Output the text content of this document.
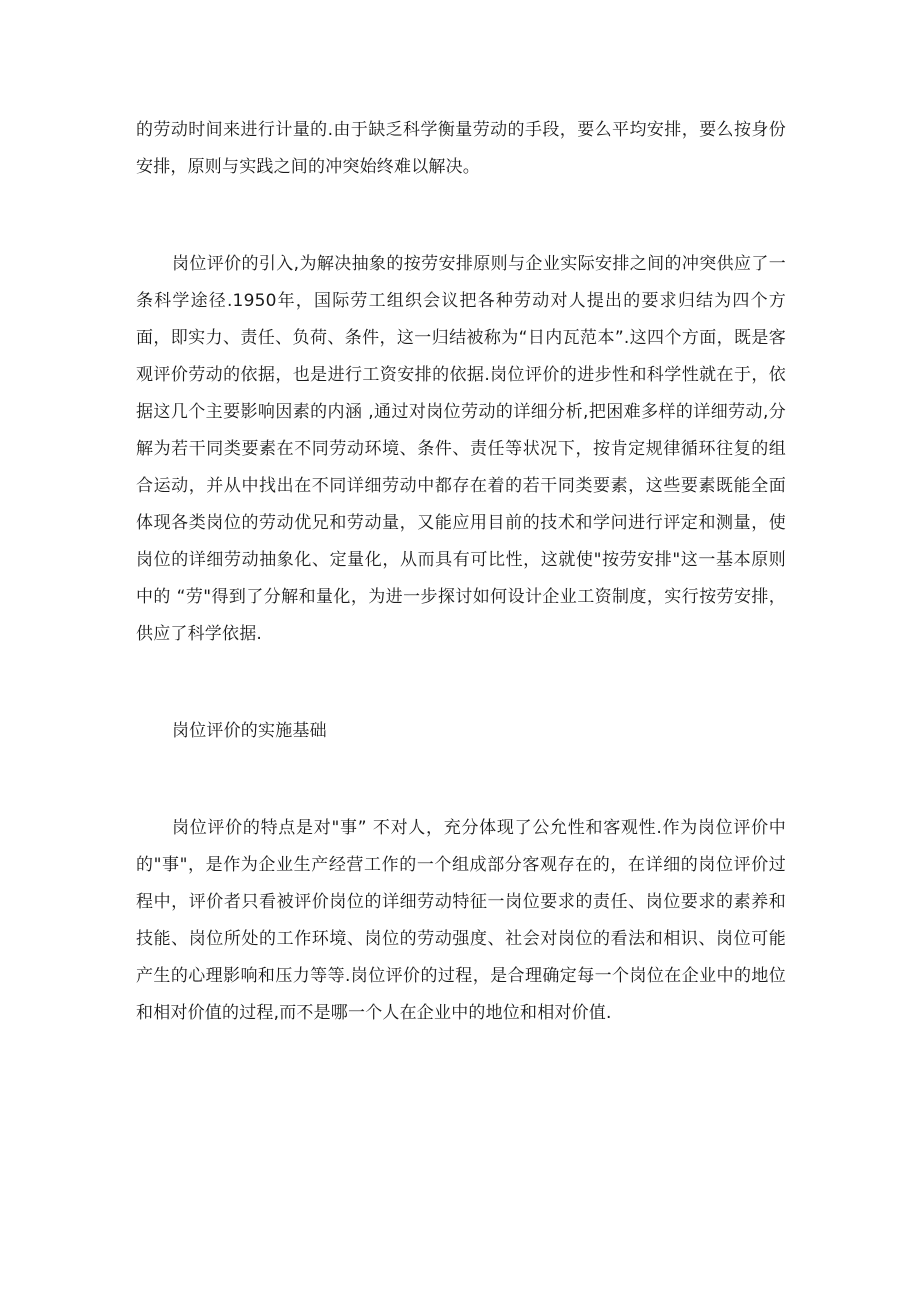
的劳动时间来进行计量的.由于缺乏科学衡量劳动的手段，要么平均安排，要么按身份安排，原则与实践之间的冲突始终难以解决。

岗位评价的引入,为解决抽象的按劳安排原则与企业实际安排之间的冲突供应了一条科学途径.1950年，国际劳工组织会议把各种劳动对人提出的要求归结为四个方面，即实力、责任、负荷、条件，这一归结被称为“日内瓦范本”.这四个方面，既是客观评价劳动的依据，也是进行工资安排的依据.岗位评价的进步性和科学性就在于，依据这几个主要影响因素的内涵 ,通过对岗位劳动的详细分析,把困难多样的详细劳动,分解为若干同类要素在不同劳动环境、条件、责任等状况下，按肯定规律循环往复的组合运动，并从中找出在不同详细劳动中都存在着的若干同类要素，这些要素既能全面体现各类岗位的劳动优兄和劳动量，又能应用目前的技术和学问进行评定和测量，使岗位的详细劳动抽象化、定量化，从而具有可比性，这就使"按劳安排"这一基本原则中的 “劳"得到了分解和量化，为进一步探讨如何设计企业工资制度，实行按劳安排，供应了科学依据.

岗位评价的实施基础

岗位评价的特点是对"事” 不对人，充分体现了公允性和客观性.作为岗位评价中的"事"，是作为企业生产经营工作的一个组成部分客观存在的，在详细的岗位评价过程中，评价者只看被评价岗位的详细劳动特征一岗位要求的责任、岗位要求的素养和技能、岗位所处的工作环境、岗位的劳动强度、社会对岗位的看法和相识、岗位可能产生的心理影响和压力等等.岗位评价的过程，是合理确定每一个岗位在企业中的地位和相对价值的过程,而不是哪一个人在企业中的地位和相对价值.
